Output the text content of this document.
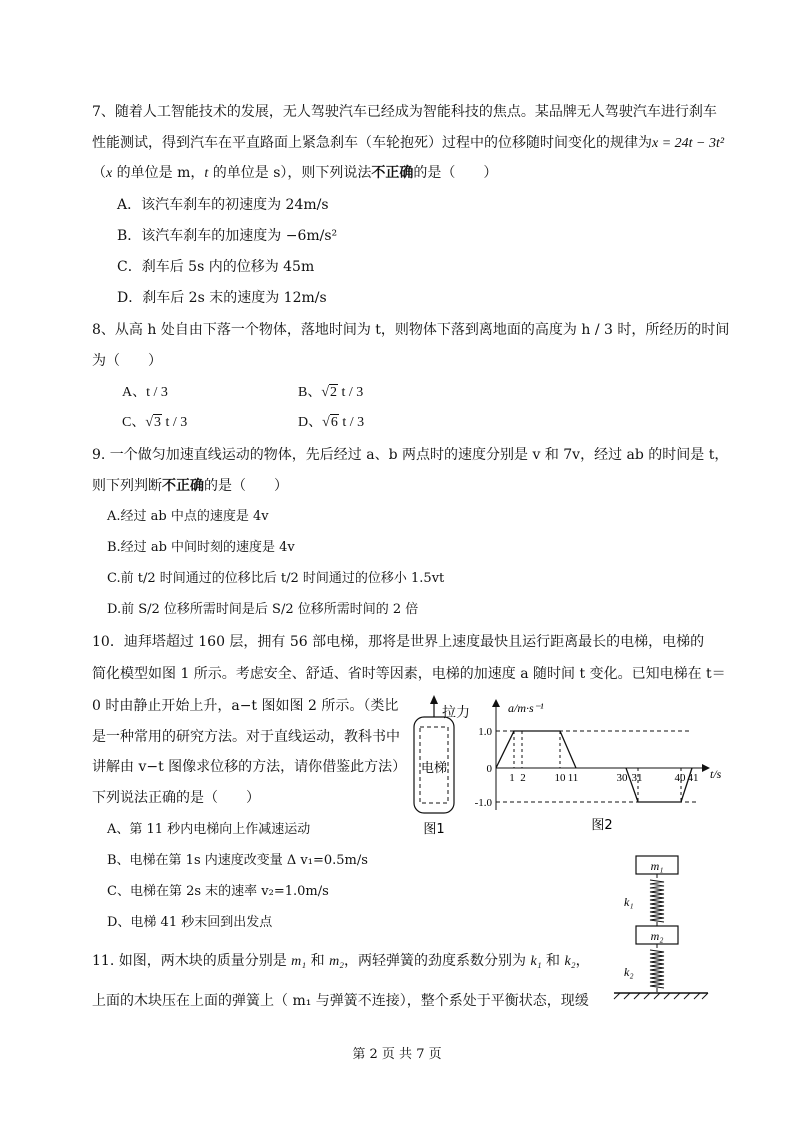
7、随着人工智能技术的发展，无人驾驶汽车已经成为智能科技的焦点。某品牌无人驾驶汽车进行刹车
性能测试，得到汽车在平直路面上紧急刹车（车轮抱死）过程中的位移随时间变化的规律为x = 24t − 3t²
（x 的单位是 m，t 的单位是 s），则下列说法不正确的是（　　）
A．该汽车刹车的初速度为 24m/s
B．该汽车刹车的加速度为 −6m/s²
C．刹车后 5s 内的位移为 45m
D．刹车后 2s 末的速度为 12m/s
8、从高 h 处自由下落一个物体，落地时间为 t，则物体下落到离地面的高度为 h / 3 时，所经历的时间
为（　　）
A、t / 3	B、√2 t / 3
C、√3 t / 3	D、√6 t / 3
9. 一个做匀加速直线运动的物体，先后经过 a、b 两点时的速度分别是 v 和 7v，经过 ab 的时间是 t，
则下列判断不正确的是（　　）
A.经过 ab 中点的速度是 4v
B.经过 ab 中间时刻的速度是 4v
C.前 t/2 时间通过的位移比后 t/2 时间通过的位移小 1.5vt
D.前 S/2 位移所需时间是后 S/2 位移所需时间的 2 倍
10．迪拜塔超过 160 层，拥有 56 部电梯，那将是世界上速度最快且运行距离最长的电梯，电梯的
简化模型如图 1 所示。考虑安全、舒适、省时等因素，电梯的加速度 a 随时间 t 变化。已知电梯在 t＝
0 时由静止开始上升，a−t 图如图 2 所示。（类比
是一种常用的研究方法。对于直线运动，教科书中
讲解由 v−t 图像求位移的方法，请你借鉴此方法）
下列说法正确的是（　　）
A、第 11 秒内电梯向上作减速运动
B、电梯在第 1s 内速度改变量 Δ v₁=0.5m/s
C、电梯在第 2s 末的速率 v₂=1.0m/s
D、电梯 41 秒末回到出发点
电梯
图1
拉力
1.0
0
-1.0
1 2	10 11	30 31	40 41
a/m·s⁻¹
t/s
图2
11. 如图，两木块的质量分别是 m₁ 和 m₂，两轻弹簧的劲度系数分别为 k₁ 和 k₂，
上面的木块压在上面的弹簧上（ m₁ 与弹簧不连接），整个系处于平衡状态，现缓
m₁
k₁
m₂
k₂
第 2 页 共 7 页
